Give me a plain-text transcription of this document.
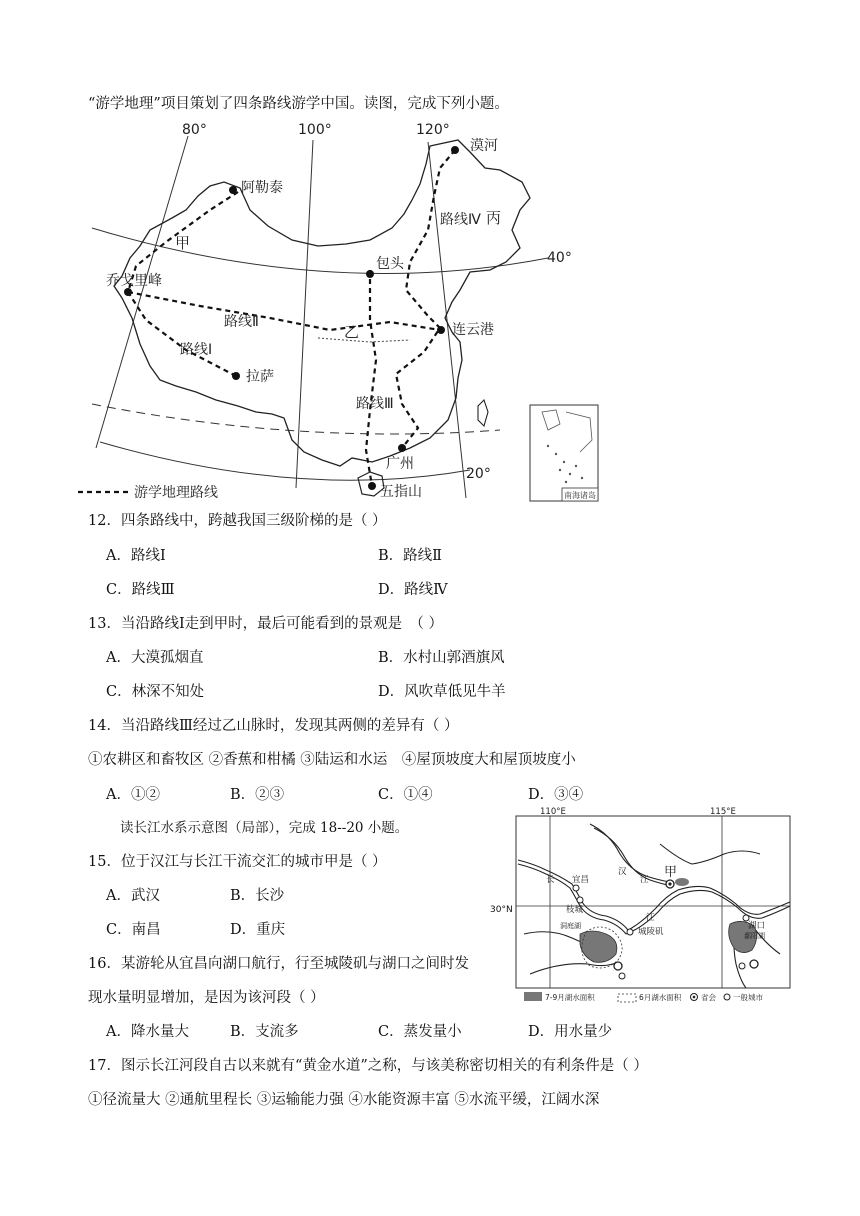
“游学地理”项目策划了四条路线游学中国。读图，完成下列小题。
80°	100°	120°
40°
20°
漠河
阿勒泰
甲
乔戈里峰
拉萨
包头
连云港
乙
丙
广州
五指山
路线Ⅰ
路线Ⅱ
路线Ⅲ
路线Ⅳ
游学地理路线	南海诸岛
12．四条路线中，跨越我国三级阶梯的是（ ）
A．路线Ⅰ	B．路线Ⅱ
C．路线Ⅲ	D．路线Ⅳ
13．当沿路线Ⅰ走到甲时，最后可能看到的景观是　（ ）
A．大漠孤烟直	B．水村山郭酒旗风
C．林深不知处	D．风吹草低见牛羊
14．当沿路线Ⅲ经过乙山脉时，发现其两侧的差异有（ ）
①农耕区和畜牧区 ②香蕉和柑橘 ③陆运和水运　④屋顶坡度大和屋顶坡度小
A．①②	B．②③	C．①④	D．③④
读长江水系示意图（局部），完成 18--20 小题。
15．位于汉江与长江干流交汇的城市甲是（ ）
A．武汉	B．长沙
C．南昌	D．重庆
16．某游轮从宜昌向湖口航行，行至城陵矶与湖口之间时发
现水量明显增加，是因为该河段（ ）
A．降水量大	B．支流多	C．蒸发量小	D．用水量少
17．图示长江河段自古以来就有“黄金水道”之称，与该美称密切相关的有利条件是（ ）
①径流量大 ②通航里程长 ③运输能力强 ④水能资源丰富 ⑤水流平缓，江阔水深
110°E	115°E
长 宜昌
枝城
汉
江 甲
江
城陵矶
洞庭湖	湖口
鄱阳湖
7-9月湖水面积	6月湖水面积	省会 一般城市
30°N
